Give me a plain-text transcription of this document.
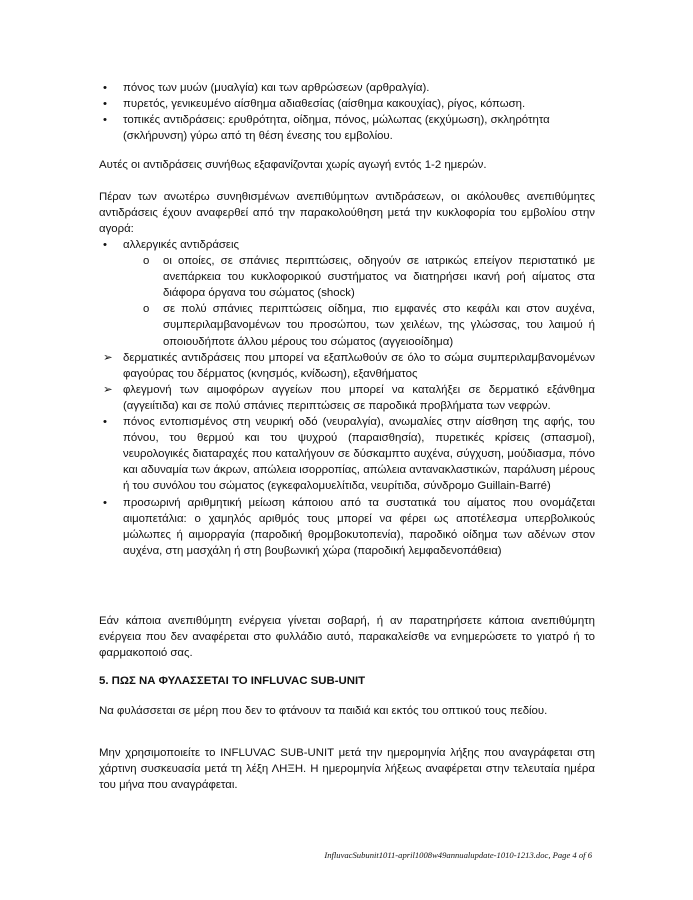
•	πόνος των μυών (μυαλγία) και των αρθρώσεων (αρθραλγία).
•	πυρετός, γενικευμένο αίσθημα αδιαθεσίας (αίσθημα κακουχίας), ρίγος, κόπωση.
•	τοπικές αντιδράσεις: ερυθρότητα, οίδημα, πόνος, μώλωπας (εκχύμωση), σκληρότητα (σκλήρυνση) γύρω από τη θέση ένεσης του εμβολίου.
Αυτές οι αντιδράσεις συνήθως εξαφανίζονται χωρίς αγωγή εντός 1-2 ημερών.
Πέραν των ανωτέρω συνηθισμένων ανεπιθύμητων αντιδράσεων, οι ακόλουθες ανεπιθύμητες αντιδράσεις έχουν αναφερθεί από την παρακολούθηση μετά την κυκλοφορία του εμβολίου στην αγορά:
•	αλλεργικές αντιδράσεις
o οι οποίες, σε σπάνιες περιπτώσεις, οδηγούν σε ιατρικώς επείγον περιστατικό με ανεπάρκεια του κυκλοφορικού συστήματος να διατηρήσει ικανή ροή αίματος στα διάφορα όργανα του σώματος (shock)
o σε πολύ σπάνιες περιπτώσεις οίδημα, πιο εμφανές στο κεφάλι και στον αυχένα, συμπεριλαμβανομένων του προσώπου, των χειλέων, της γλώσσας, του λαιμού ή οποιουδήποτε άλλου μέρους του σώματος (αγγειοοίδημα)
➢ δερματικές αντιδράσεις που μπορεί να εξαπλωθούν σε όλο το σώμα συμπεριλαμβανομένων φαγούρας του δέρματος (κνησμός, κνίδωση), εξανθήματος
➢ φλεγμονή των αιμοφόρων αγγείων που μπορεί να καταλήξει σε δερματικό εξάνθημα (αγγειίτιδα) και σε πολύ σπάνιες περιπτώσεις σε παροδικά προβλήματα των νεφρών.
•	πόνος εντοπισμένος στη νευρική οδό (νευραλγία), ανωμαλίες στην αίσθηση της αφής, του πόνου, του θερμού και του ψυχρού (παραισθησία), πυρετικές κρίσεις (σπασμοί), νευρολογικές διαταραχές που καταλήγουν σε δύσκαμπτο αυχένα, σύγχυση, μούδιασμα, πόνο και αδυναμία των άκρων, απώλεια ισορροπίας, απώλεια αντανακλαστικών, παράλυση μέρους ή του συνόλου του σώματος (εγκεφαλομυελίτιδα, νευρίτιδα, σύνδρομο Guillain-Barré)
•	προσωρινή αριθμητική μείωση κάποιου από τα συστατικά του αίματος που ονομάζεται αιμοπετάλια: ο χαμηλός αριθμός τους μπορεί να φέρει ως αποτέλεσμα υπερβολικούς μώλωπες ή αιμορραγία (παροδική θρομβοκυτοπενία), παροδικό οίδημα των αδένων στον αυχένα, στη μασχάλη ή στη βουβωνική χώρα (παροδική λεμφαδενοπάθεια)
Εάν κάποια ανεπιθύμητη ενέργεια γίνεται σοβαρή, ή αν παρατηρήσετε κάποια ανεπιθύμητη ενέργεια που δεν αναφέρεται στο φυλλάδιο αυτό, παρακαλείσθε να ενημερώσετε το γιατρό ή το φαρμακοποιό σας.
5. ΠΩΣ ΝΑ ΦΥΛΑΣΣΕΤΑΙ ΤΟ INFLUVAC SUB-UNIT
Να φυλάσσεται σε μέρη που δεν το φτάνουν τα παιδιά και εκτός του οπτικού τους πεδίου.
Μην χρησιμοποιείτε το INFLUVAC SUB-UNIT μετά την ημερομηνία λήξης που αναγράφεται στη χάρτινη συσκευασία μετά τη λέξη ΛΗΞΗ. Η ημερομηνία λήξεως αναφέρεται στην τελευταία ημέρα του μήνα που αναγράφεται.
InfluvacSubunit1011-april1008w49annualupdate-1010-1213.doc, Page 4 of 6
